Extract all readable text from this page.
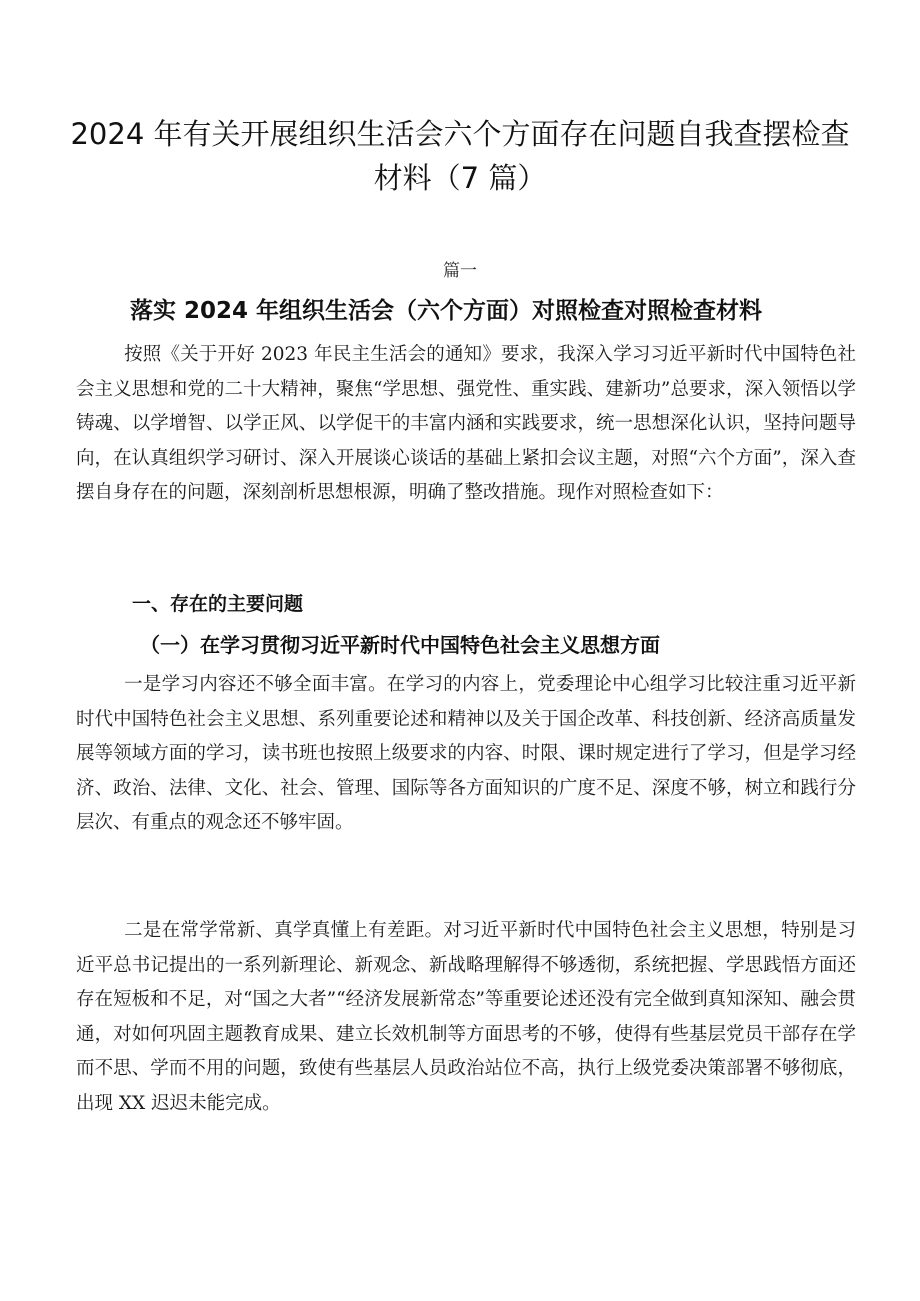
2024 年有关开展组织生活会六个方面存在问题自我查摆检查材料（7 篇）
篇一
落实 2024 年组织生活会（六个方面）对照检查对照检查材料

按照《关于开好 2023 年民主生活会的通知》要求，我深入学习习近平新时代中国特色社会主义思想和党的二十大精神，聚焦“学思想、强党性、重实践、建新功”总要求，深入领悟以学铸魂、以学增智、以学正风、以学促干的丰富内涵和实践要求，统一思想深化认识，坚持问题导向，在认真组织学习研讨、深入开展谈心谈话的基础上紧扣会议主题，对照“六个方面”，深入查摆自身存在的问题，深刻剖析思想根源，明确了整改措施。现作对照检查如下：

一、存在的主要问题
（一）在学习贯彻习近平新时代中国特色社会主义思想方面

一是学习内容还不够全面丰富。在学习的内容上，党委理论中心组学习比较注重习近平新时代中国特色社会主义思想、系列重要论述和精神以及关于国企改革、科技创新、经济高质量发展等领域方面的学习，读书班也按照上级要求的内容、时限、课时规定进行了学习，但是学习经济、政治、法律、文化、社会、管理、国际等各方面知识的广度不足、深度不够，树立和践行分层次、有重点的观念还不够牢固。

二是在常学常新、真学真懂上有差距。对习近平新时代中国特色社会主义思想，特别是习近平总书记提出的一系列新理论、新观念、新战略理解得不够透彻，系统把握、学思践悟方面还存在短板和不足，对“国之大者”“经济发展新常态”等重要论述还没有完全做到真知深知、融会贯通，对如何巩固主题教育成果、建立长效机制等方面思考的不够，使得有些基层党员干部存在学而不思、学而不用的问题，致使有些基层人员政治站位不高，执行上级党委决策部署不够彻底，出现 XX 迟迟未能完成。
